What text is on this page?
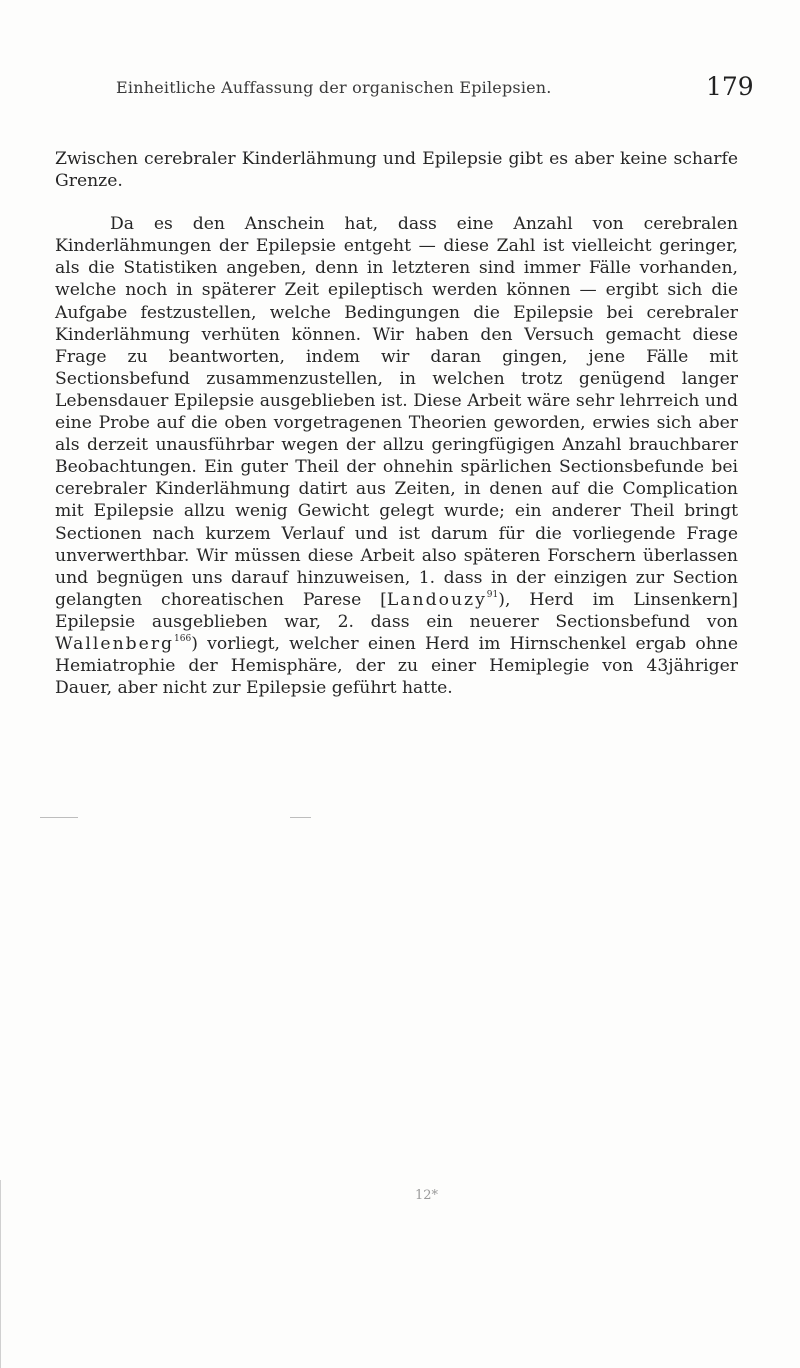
Einheitliche Auffassung der organischen Epilepsien.	179

Zwischen cerebraler Kinderlähmung und Epilepsie gibt es aber keine scharfe Grenze.

Da es den Anschein hat, dass eine Anzahl von cerebralen Kinderlähmungen der Epilepsie entgeht — diese Zahl ist vielleicht geringer, als die Statistiken angeben, denn in letzteren sind immer Fälle vorhanden, welche noch in späterer Zeit epileptisch werden können — ergibt sich die Aufgabe festzustellen, welche Bedingungen die Epilepsie bei cerebraler Kinderlähmung verhüten können. Wir haben den Versuch gemacht diese Frage zu beantworten, indem wir daran gingen, jene Fälle mit Sectionsbefund zusammenzustellen, in welchen trotz genügend langer Lebensdauer Epilepsie ausgeblieben ist. Diese Arbeit wäre sehr lehrreich und eine Probe auf die oben vorgetragenen Theorien geworden, erwies sich aber als derzeit unausführbar wegen der allzu geringfügigen Anzahl brauchbarer Beobachtungen. Ein guter Theil der ohnehin spärlichen Sectionsbefunde bei cerebraler Kinderlähmung datirt aus Zeiten, in denen auf die Complication mit Epilepsie allzu wenig Gewicht gelegt wurde; ein anderer Theil bringt Sectionen nach kurzem Verlauf und ist darum für die vorliegende Frage unverwerthbar. Wir müssen diese Arbeit also späteren Forschern überlassen und begnügen uns darauf hinzuweisen, 1. dass in der einzigen zur Section gelangten choreatischen Parese [Landouzy$^{91}$), Herd im Linsenkern] Epilepsie ausgeblieben war, 2. dass ein neuerer Sectionsbefund von Wallenberg$^{166}$) vorliegt, welcher einen Herd im Hirnschenkel ergab ohne Hemiatrophie der Hemisphäre, der zu einer Hemiplegie von 43jähriger Dauer, aber nicht zur Epilepsie geführt hatte.

12*
